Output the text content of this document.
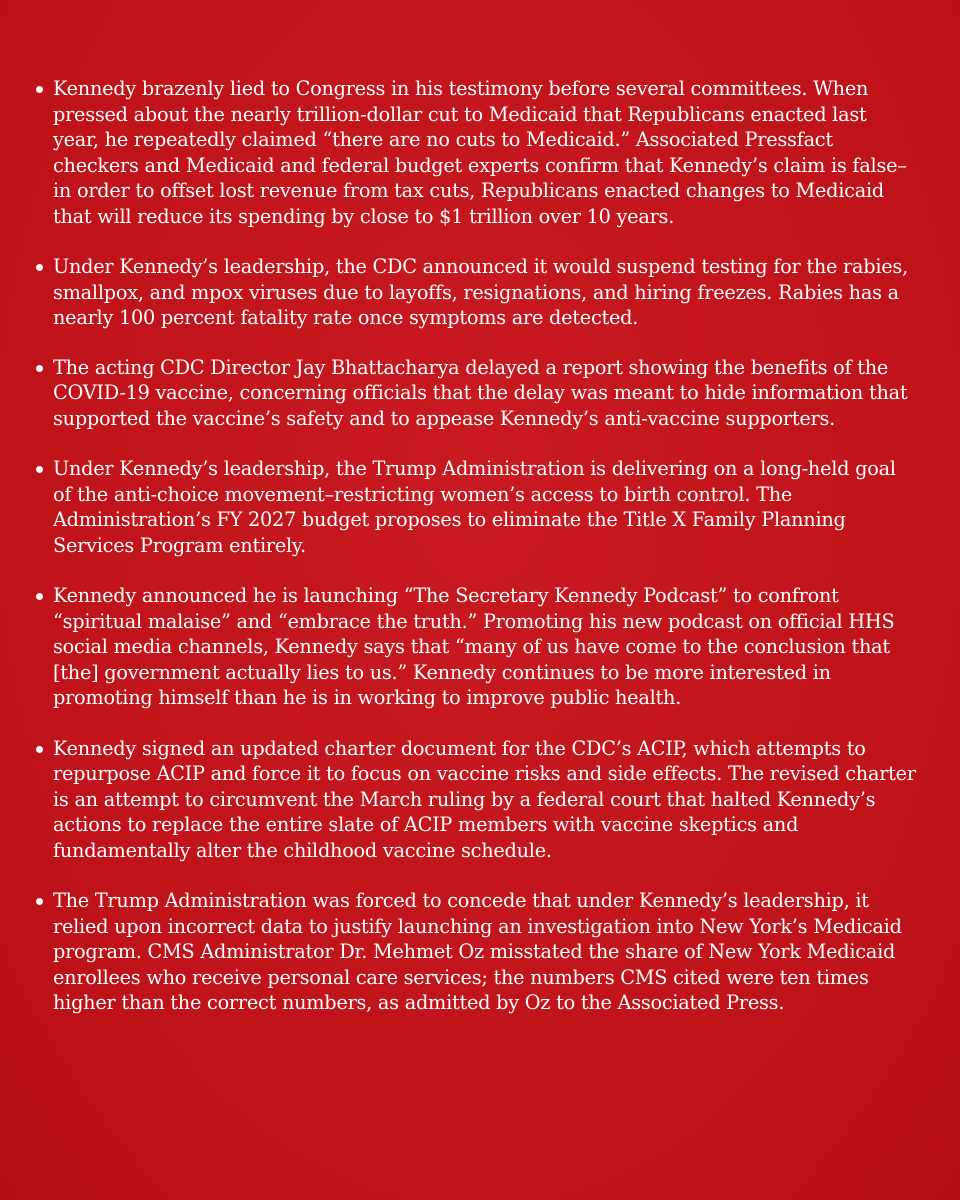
Kennedy brazenly lied to Congress in his testimony before several committees. When pressed about the nearly trillion-dollar cut to Medicaid that Republicans enacted last year, he repeatedly claimed “there are no cuts to Medicaid.” Associated Pressfact checkers and Medicaid and federal budget experts confirm that Kennedy’s claim is false–in order to offset lost revenue from tax cuts, Republicans enacted changes to Medicaid that will reduce its spending by close to $1 trillion over 10 years.
Under Kennedy’s leadership, the CDC announced it would suspend testing for the rabies, smallpox, and mpox viruses due to layoffs, resignations, and hiring freezes. Rabies has a nearly 100 percent fatality rate once symptoms are detected.
The acting CDC Director Jay Bhattacharya delayed a report showing the benefits of the COVID-19 vaccine, concerning officials that the delay was meant to hide information that supported the vaccine’s safety and to appease Kennedy’s anti-vaccine supporters.
Under Kennedy’s leadership, the Trump Administration is delivering on a long-held goal of the anti-choice movement–restricting women’s access to birth control. The Administration’s FY 2027 budget proposes to eliminate the Title X Family Planning Services Program entirely.
Kennedy announced he is launching “The Secretary Kennedy Podcast” to confront “spiritual malaise” and “embrace the truth.” Promoting his new podcast on official HHS social media channels, Kennedy says that “many of us have come to the conclusion that [the] government actually lies to us.” Kennedy continues to be more interested in promoting himself than he is in working to improve public health.
Kennedy signed an updated charter document for the CDC’s ACIP, which attempts to repurpose ACIP and force it to focus on vaccine risks and side effects. The revised charter is an attempt to circumvent the March ruling by a federal court that halted Kennedy’s actions to replace the entire slate of ACIP members with vaccine skeptics and fundamentally alter the childhood vaccine schedule.
The Trump Administration was forced to concede that under Kennedy’s leadership, it relied upon incorrect data to justify launching an investigation into New York’s Medicaid program. CMS Administrator Dr. Mehmet Oz misstated the share of New York Medicaid enrollees who receive personal care services; the numbers CMS cited were ten times higher than the correct numbers, as admitted by Oz to the Associated Press.
